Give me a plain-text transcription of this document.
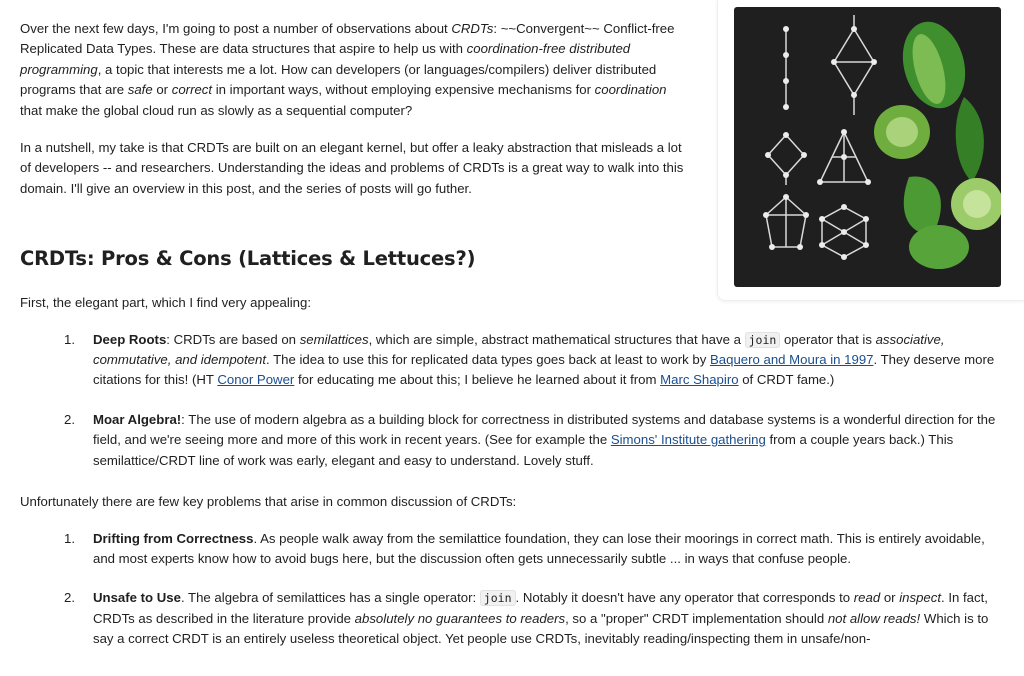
Over the next few days, I'm going to post a number of observations about CRDTs: ~~Convergent~~ Conflict-free Replicated Data Types. These are data structures that aspire to help us with coordination-free distributed programming, a topic that interests me a lot. How can developers (or languages/compilers) deliver distributed programs that are safe or correct in important ways, without employing expensive mechanisms for coordination that make the global cloud run as slowly as a sequential computer?

In a nutshell, my take is that CRDTs are built on an elegant kernel, but offer a leaky abstraction that misleads a lot of developers -- and researchers. Understanding the ideas and problems of CRDTs is a great way to walk into this domain. I'll give an overview in this post, and the series of posts will go futher.

CRDTs: Pros & Cons (Lattices & Lettuces?)

First, the elegant part, which I find very appealing:

1. Deep Roots: CRDTs are based on semilattices, which are simple, abstract mathematical structures that have a join operator that is associative, commutative, and idempotent. The idea to use this for replicated data types goes back at least to work by Baquero and Moura in 1997. They deserve more citations for this! (HT Conor Power for educating me about this; I believe he learned about it from Marc Shapiro of CRDT fame.)
2. Moar Algebra!: The use of modern algebra as a building block for correctness in distributed systems and database systems is a wonderful direction for the field, and we're seeing more and more of this work in recent years. (See for example the Simons' Institute gathering from a couple years back.) This semilattice/CRDT line of work was early, elegant and easy to understand. Lovely stuff.

Unfortunately there are few key problems that arise in common discussion of CRDTs:

1. Drifting from Correctness. As people walk away from the semilattice foundation, they can lose their moorings in correct math. This is entirely avoidable, and most experts know how to avoid bugs here, but the discussion often gets unnecessarily subtle ... in ways that confuse people.
2. Unsafe to Use. The algebra of semilattices has a single operator: join . Notably it doesn't have any operator that corresponds to read or inspect. In fact, CRDTs as described in the literature provide absolutely no guarantees to readers, so a "proper" CRDT implementation should not allow reads! Which is to say a correct CRDT is an entirely useless theoretical object. Yet people use CRDTs, inevitably reading/inspecting them in unsafe/non-
